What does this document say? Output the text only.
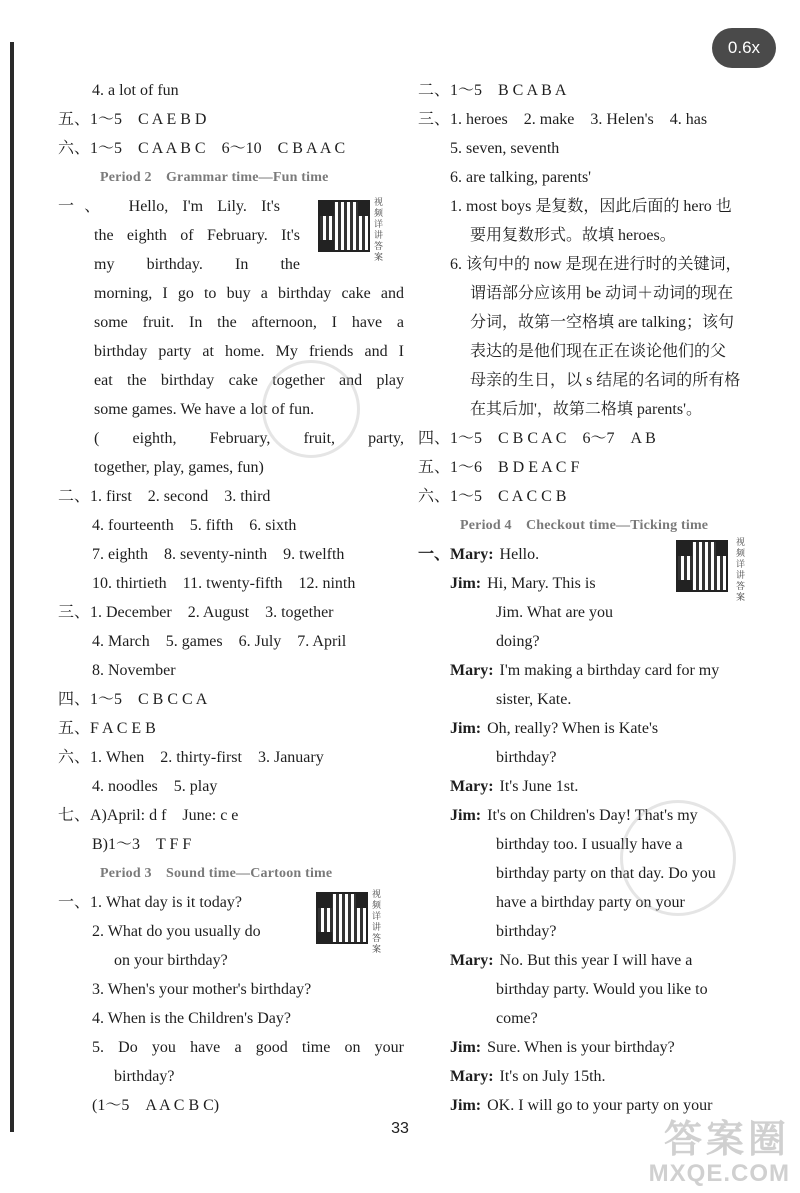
0.6x
4. a lot of fun
五、1～5　C A E B D
六、1～5　C A A B C　6～10　C B A A C
Period 2　Grammar time—Fun time
一、　Hello, I'm Lily. It's
the eighth of February. It's
my birthday. In the
morning, I go to buy a birthday cake and
some fruit. In the afternoon, I have a
birthday party at home. My friends and I
eat the birthday cake together and play
some games. We have a lot of fun.
( eighth, February, fruit, party,
together, play, games, fun)
视频详讲答案
二、1. first　2. second　3. third
4. fourteenth　5. fifth　6. sixth
7. eighth　8. seventy-ninth　9. twelfth
10. thirtieth　11. twenty-fifth　12. ninth
三、1. December　2. August　3. together
4. March　5. games　6. July　7. April
8. November
四、1～5　C B C C A
五、F A C E B
六、1. When　2. thirty-first　3. January
4. noodles　5. play
七、A)April: d f　June: c e
B)1～3　T F F
Period 3　Sound time—Cartoon time
一、1. What day is it today?
2. What do you usually do
on your birthday?
3. When's your mother's birthday?
4. When is the Children's Day?
5. Do you have a good time on your
birthday?
(1～5　A A C B C)
视频详讲答案
二、1～5　B C A B A
三、1. heroes　2. make　3. Helen's　4. has
5. seven, seventh
6. are talking, parents'
1. most boys 是复数，因此后面的 hero 也
要用复数形式。故填 heroes。
6. 该句中的 now 是现在进行时的关键词，
谓语部分应该用 be 动词＋动词的现在
分词，故第一空格填 are talking；该句
表达的是他们现在正在谈论他们的父
母亲的生日，以 s 结尾的名词的所有格
在其后加'，故第二格填 parents'。
四、1～5　C B C A C　6～7　A B
五、1～6　B D E A C F
六、1～5　C A C C B
Period 4　Checkout time—Ticking time
视频详讲答案
一、Mary: Hello.
Jim: Hi, Mary. This is
Jim. What are you
doing?
Mary: I'm making a birthday card for my
sister, Kate.
Jim: Oh, really? When is Kate's
birthday?
Mary: It's June 1st.
Jim: It's on Children's Day! That's my
birthday too. I usually have a
birthday party on that day. Do you
have a birthday party on your
birthday?
Mary: No. But this year I will have a
birthday party. Would you like to
come?
Jim: Sure. When is your birthday?
Mary: It's on July 15th.
Jim: OK. I will go to your party on your
33	答案圈
MXQE.COM
